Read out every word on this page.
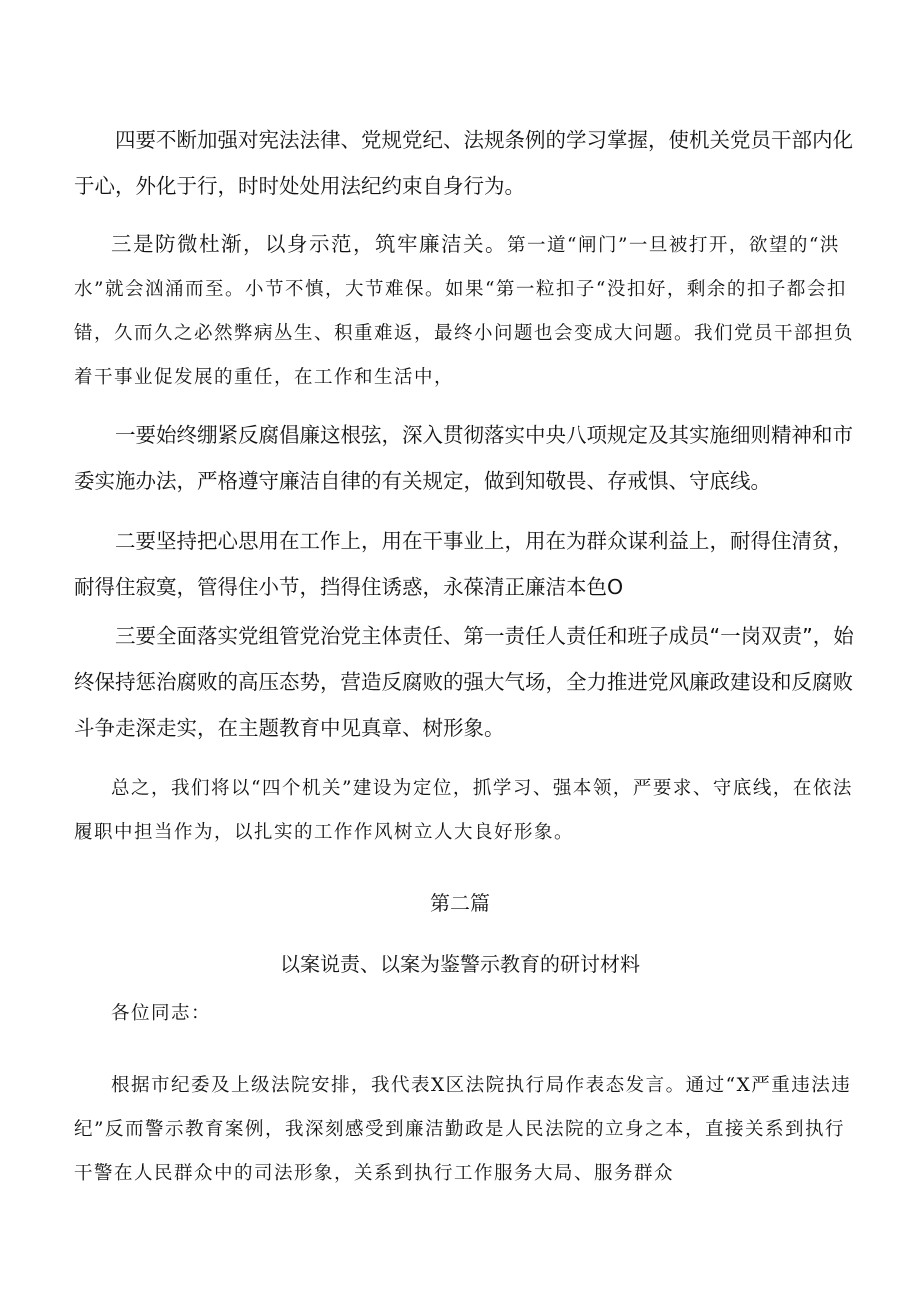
四要不断加强对宪法法律、党规党纪、法规条例的学习掌握，使机关党员干部内化于心，外化于行，时时处处用法纪约束自身行为。

三是防微杜渐，以身示范，筑牢廉洁关。第一道“闸门”一旦被打开，欲望的“洪水”就会汹涌而至。小节不慎，大节难保。如果“第一粒扣子“没扣好，剩余的扣子都会扣错，久而久之必然弊病丛生、积重难返，最终小问题也会变成大问题。我们党员干部担负着干事业促发展的重任，在工作和生活中，

一要始终绷紧反腐倡廉这根弦，深入贯彻落实中央八项规定及其实施细则精神和市委实施办法，严格遵守廉洁自律的有关规定，做到知敬畏、存戒惧、守底线。

二要坚持把心思用在工作上，用在干事业上，用在为群众谋利益上，耐得住清贫，耐得住寂寞，管得住小节，挡得住诱惑，永葆清正廉洁本色O

三要全面落实党组管党治党主体责任、第一责任人责任和班子成员“一岗双责”，始终保持惩治腐败的高压态势，营造反腐败的强大气场，全力推进党风廉政建设和反腐败斗争走深走实，在主题教育中见真章、树形象。

总之，我们将以“四个机关”建设为定位，抓学习、强本领，严要求、守底线，在依法履职中担当作为，以扎实的工作作风树立人大良好形象。

第二篇
以案说责、以案为鉴警示教育的研讨材料

各位同志：

根据市纪委及上级法院安排，我代表X区法院执行局作表态发言。通过“X严重违法违纪”反而警示教育案例，我深刻感受到廉洁勤政是人民法院的立身之本，直接关系到执行干警在人民群众中的司法形象，关系到执行工作服务大局、服务群众
